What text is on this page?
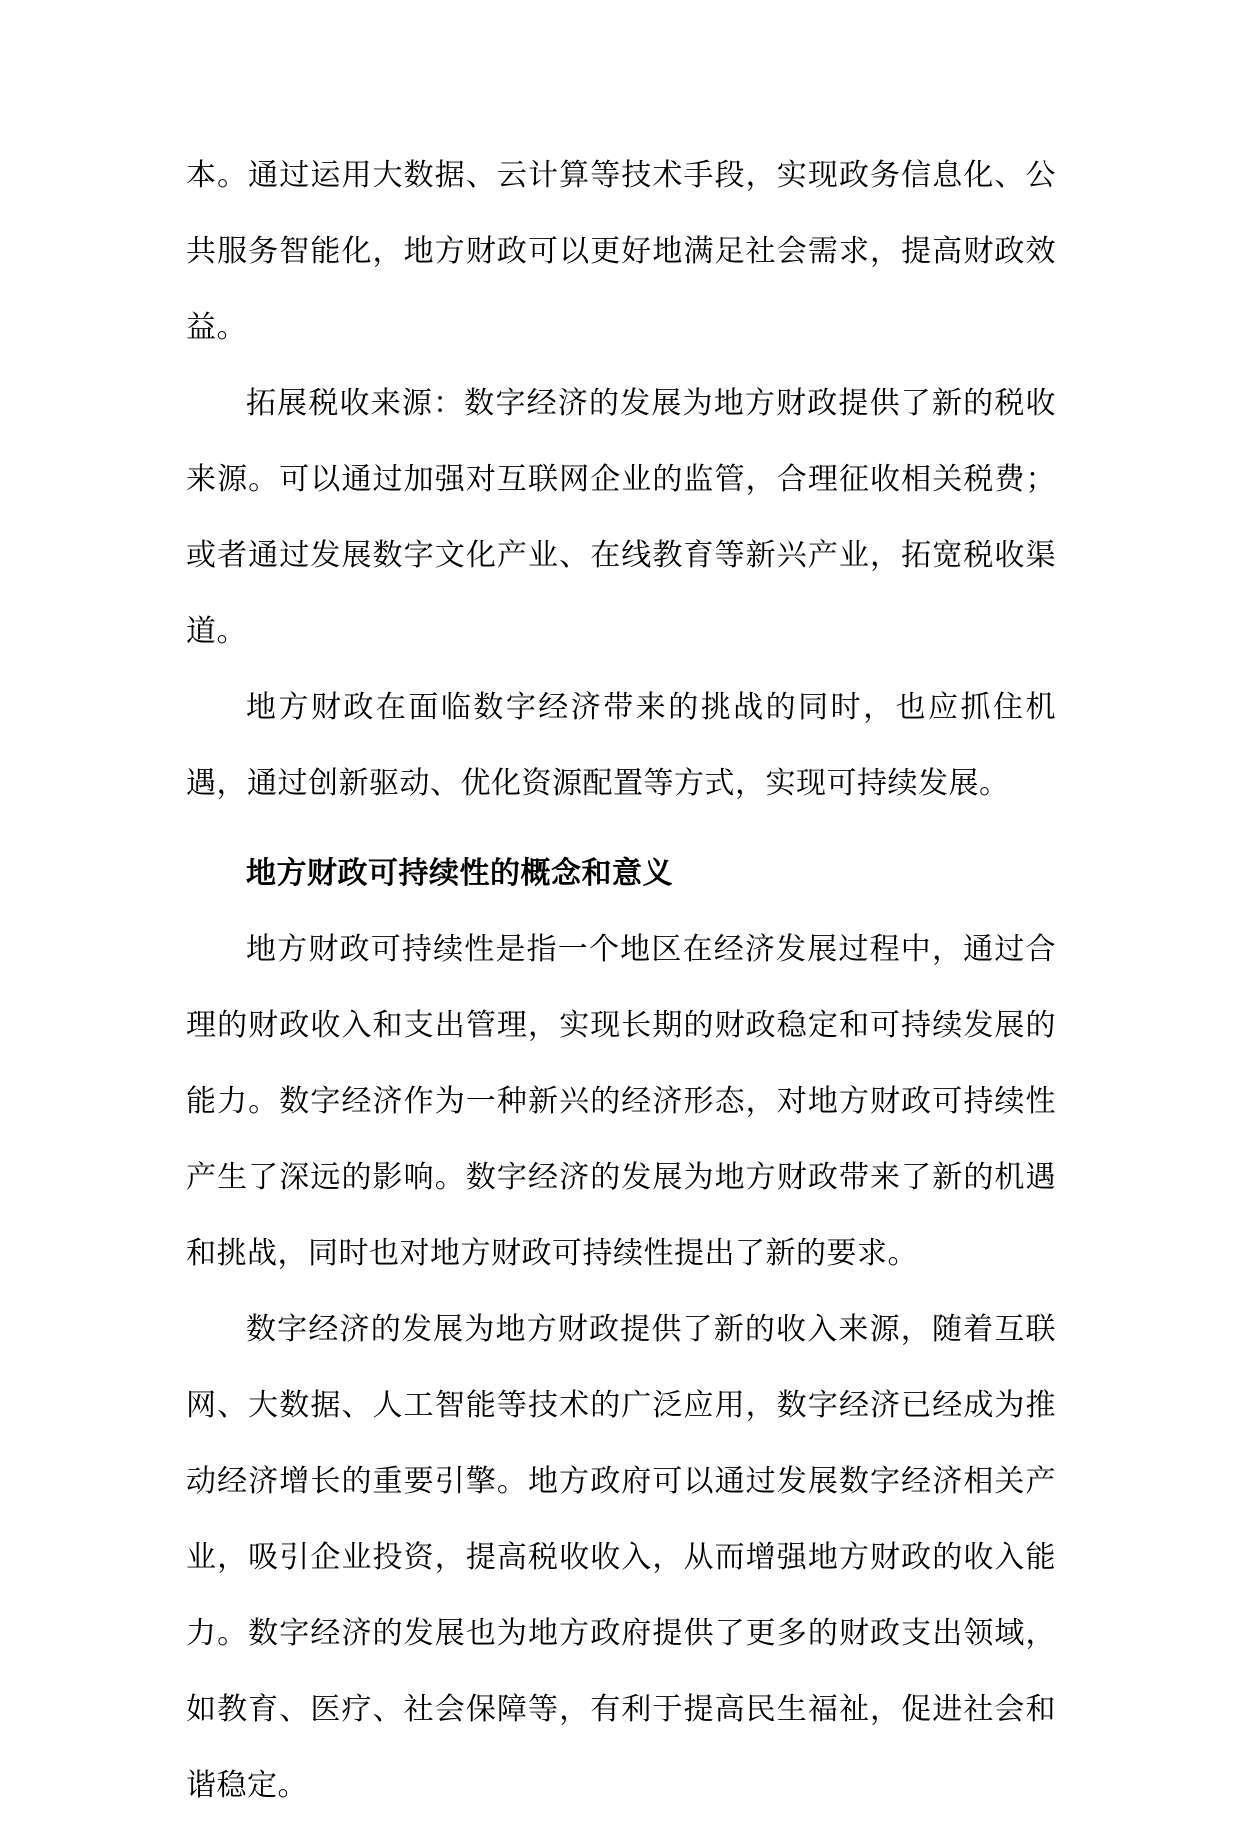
本。通过运用大数据、云计算等技术手段，实现政务信息化、公共服务智能化，地方财政可以更好地满足社会需求，提高财政效益。

拓展税收来源：数字经济的发展为地方财政提供了新的税收来源。可以通过加强对互联网企业的监管，合理征收相关税费；或者通过发展数字文化产业、在线教育等新兴产业，拓宽税收渠道。

地方财政在面临数字经济带来的挑战的同时，也应抓住机遇，通过创新驱动、优化资源配置等方式，实现可持续发展。

地方财政可持续性的概念和意义

地方财政可持续性是指一个地区在经济发展过程中，通过合理的财政收入和支出管理，实现长期的财政稳定和可持续发展的能力。数字经济作为一种新兴的经济形态，对地方财政可持续性产生了深远的影响。数字经济的发展为地方财政带来了新的机遇和挑战，同时也对地方财政可持续性提出了新的要求。

数字经济的发展为地方财政提供了新的收入来源，随着互联网、大数据、人工智能等技术的广泛应用，数字经济已经成为推动经济增长的重要引擎。地方政府可以通过发展数字经济相关产业，吸引企业投资，提高税收收入，从而增强地方财政的收入能力。数字经济的发展也为地方政府提供了更多的财政支出领域，如教育、医疗、社会保障等，有利于提高民生福祉，促进社会和谐稳定。
